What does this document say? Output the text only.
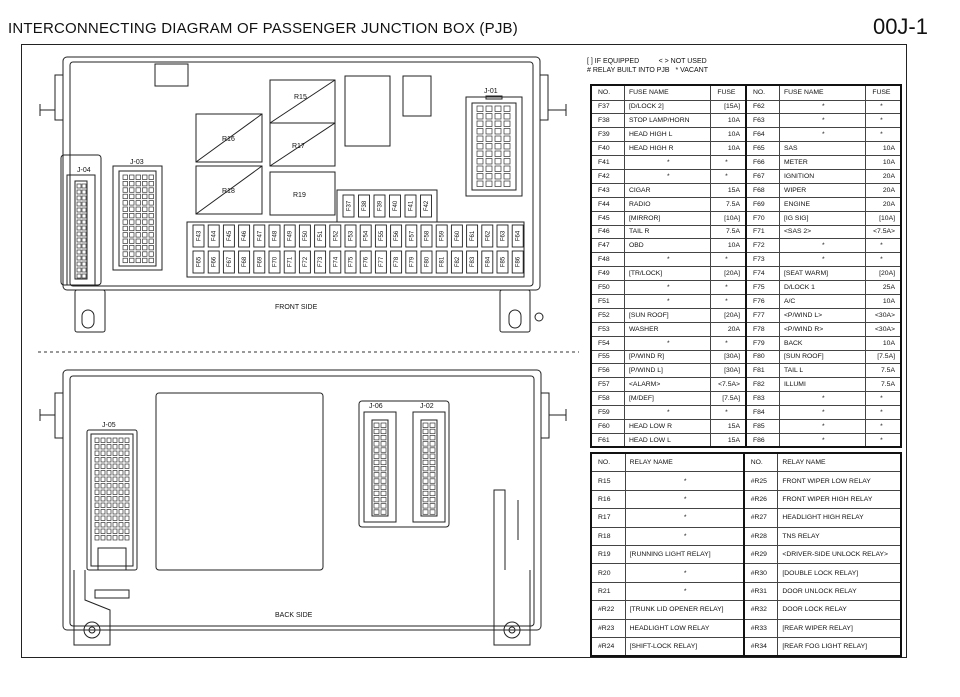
INTERCONNECTING DIAGRAM OF PASSENGER JUNCTION BOX (PJB)	00J-1
F37 F38 F39 F40 F41 F42
F43 F44 F45 F46 F47 F48 F49 F50 F51 F52 F53 F54 F55 F56 F57 F58 F59 F60 F61 F62 F63 F64
F65 F66 F67 F68 F69 F70 F71 F72 F73 F74 F75 F76 F77 F78 F79 F80 F81 F82 F83 F84 F85 F86
R15
R16
R17
R18
R19
J-01
J-04
J-03
J-05
J-06	J-02
FRONT SIDE
BACK SIDE
[ ] IF EQUIPPED          < > NOT USED
# RELAY BUILT INTO PJB   * VACANT
NO.	FUSE NAME	FUSE	NO.	FUSE NAME	FUSE
F37	[D/LOCK 2]	[15A]	F62	*	*
F38	STOP LAMP/HORN	10A	F63	*	*
F39	HEAD HIGH L	10A	F64	*	*
F40	HEAD HIGH R	10A	F65	SAS	10A
F41	*	*	F66	METER	10A
F42	*	*	F67	IGNITION	20A
F43	CIGAR	15A	F68	WIPER	20A
F44	RADIO	7.5A	F69	ENGINE	20A
F45	[MIRROR]	[10A]	F70	[IG SIG]	[10A]
F46	TAIL R	7.5A	F71	<SAS 2>	<7.5A>
F47	OBD	10A	F72	*	*
F48	*	*	F73	*	*
F49	[TR/LOCK]	[20A]	F74	[SEAT WARM]	[20A]
F50	*	*	F75	D/LOCK 1	25A
F51	*	*	F76	A/C	10A
F52	[SUN ROOF]	[20A]	F77	<P/WIND L>	<30A>
F53	WASHER	20A	F78	<P/WIND R>	<30A>
F54	*	*	F79	BACK	10A
F55	[P/WIND R]	[30A]	F80	[SUN ROOF]	[7.5A]
F56	[P/WIND L]	[30A]	F81	TAIL L	7.5A
F57	<ALARM>	<7.5A>	F82	ILLUMI	7.5A
F58	[M/DEF]	[7.5A]	F83	*	*
F59	*	*	F84	*	*
F60	HEAD LOW R	15A	F85	*	*
F61	HEAD LOW L	15A	F86	*	*
NO.	RELAY NAME	NO.	RELAY NAME
R15	*	#R25	FRONT WIPER LOW RELAY
R16	*	#R26	FRONT WIPER HIGH RELAY
R17	*	#R27	HEADLIGHT HIGH RELAY
R18	*	#R28	TNS RELAY
R19	[RUNNING LIGHT RELAY]	#R29	<DRIVER-SIDE UNLOCK RELAY>
R20	*	#R30	[DOUBLE LOCK RELAY]
R21	*	#R31	DOOR UNLOCK RELAY
#R22	[TRUNK LID OPENER RELAY]	#R32	DOOR LOCK RELAY
#R23	HEADLIGHT LOW RELAY	#R33	[REAR WIPER RELAY]
#R24	[SHIFT-LOCK RELAY]	#R34	[REAR FOG LIGHT RELAY]
